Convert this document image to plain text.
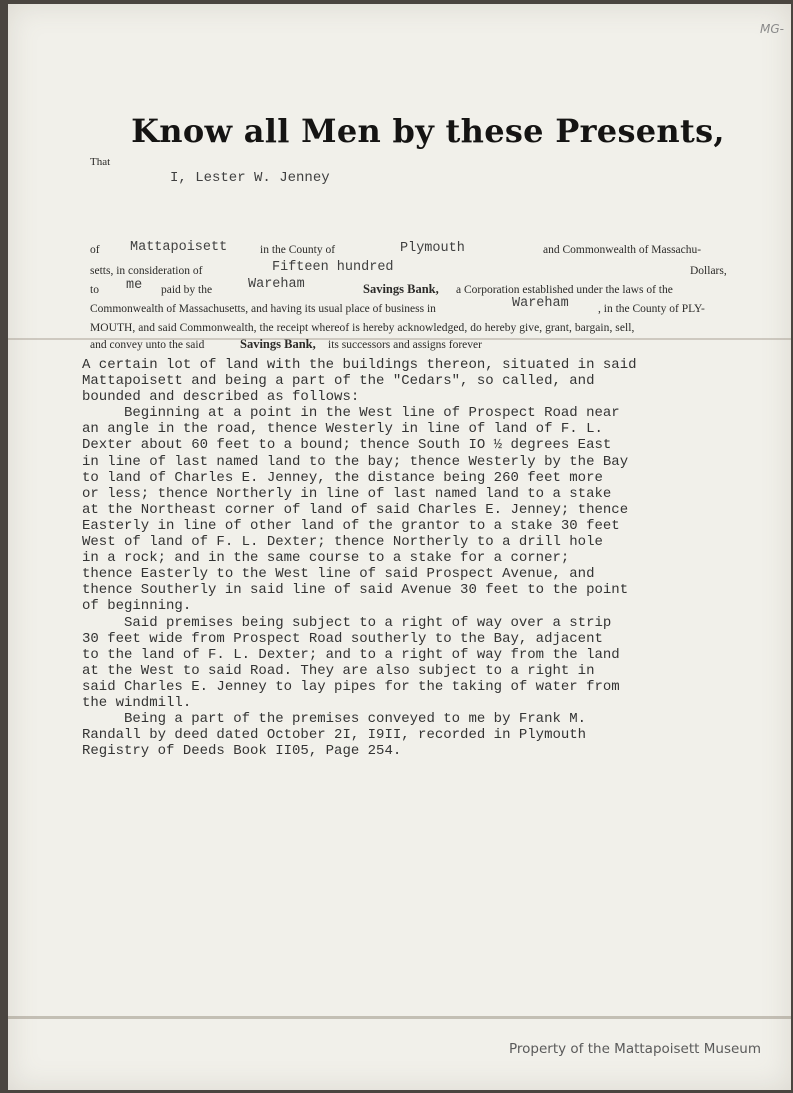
MG-
Know all Men by these Presents,
That
I, Lester W. Jenney
of Mattapoisett	in the County of	Plymouth	and Commonwealth of Massachu-
setts, in consideration of	Fifteen hundred	Dollars,
to me paid by the	Wareham	Savings Bank, a Corporation established under the laws of the
Commonwealth of Massachusetts, and having its usual place of business in	Wareham	, in the County of PLY-
MOUTH, and said Commonwealth, the receipt whereof is hereby acknowledged, do hereby give, grant, bargain, sell,
and convey unto the said	Savings Bank, its successors and assigns forever
A certain lot of land with the buildings thereon, situated in said
Mattapoisett and being a part of the "Cedars", so called, and
bounded and described as follows:
Beginning at a point in the West line of Prospect Road near
an angle in the road, thence Westerly in line of land of F. L.
Dexter about 60 feet to a bound; thence South IO ½ degrees East
in line of last named land to the bay; thence Westerly by the Bay
to land of Charles E. Jenney, the distance being 260 feet more
or less; thence Northerly in line of last named land to a stake
at the Northeast corner of land of said Charles E. Jenney; thence
Easterly in line of other land of the grantor to a stake 30 feet
West of land of F. L. Dexter; thence Northerly to a drill hole
in a rock; and in the same course to a stake for a corner;
thence Easterly to the West line of said Prospect Avenue, and
thence Southerly in said line of said Avenue 30 feet to the point
of beginning.
Said premises being subject to a right of way over a strip
30 feet wide from Prospect Road southerly to the Bay, adjacent
to the land of F. L. Dexter; and to a right of way from the land
at the West to said Road. They are also subject to a right in
said Charles E. Jenney to lay pipes for the taking of water from
the windmill.
Being a part of the premises conveyed to me by Frank M.
Randall by deed dated October 2I, I9II, recorded in Plymouth
Registry of Deeds Book II05, Page 254.
Property of the Mattapoisett Museum
